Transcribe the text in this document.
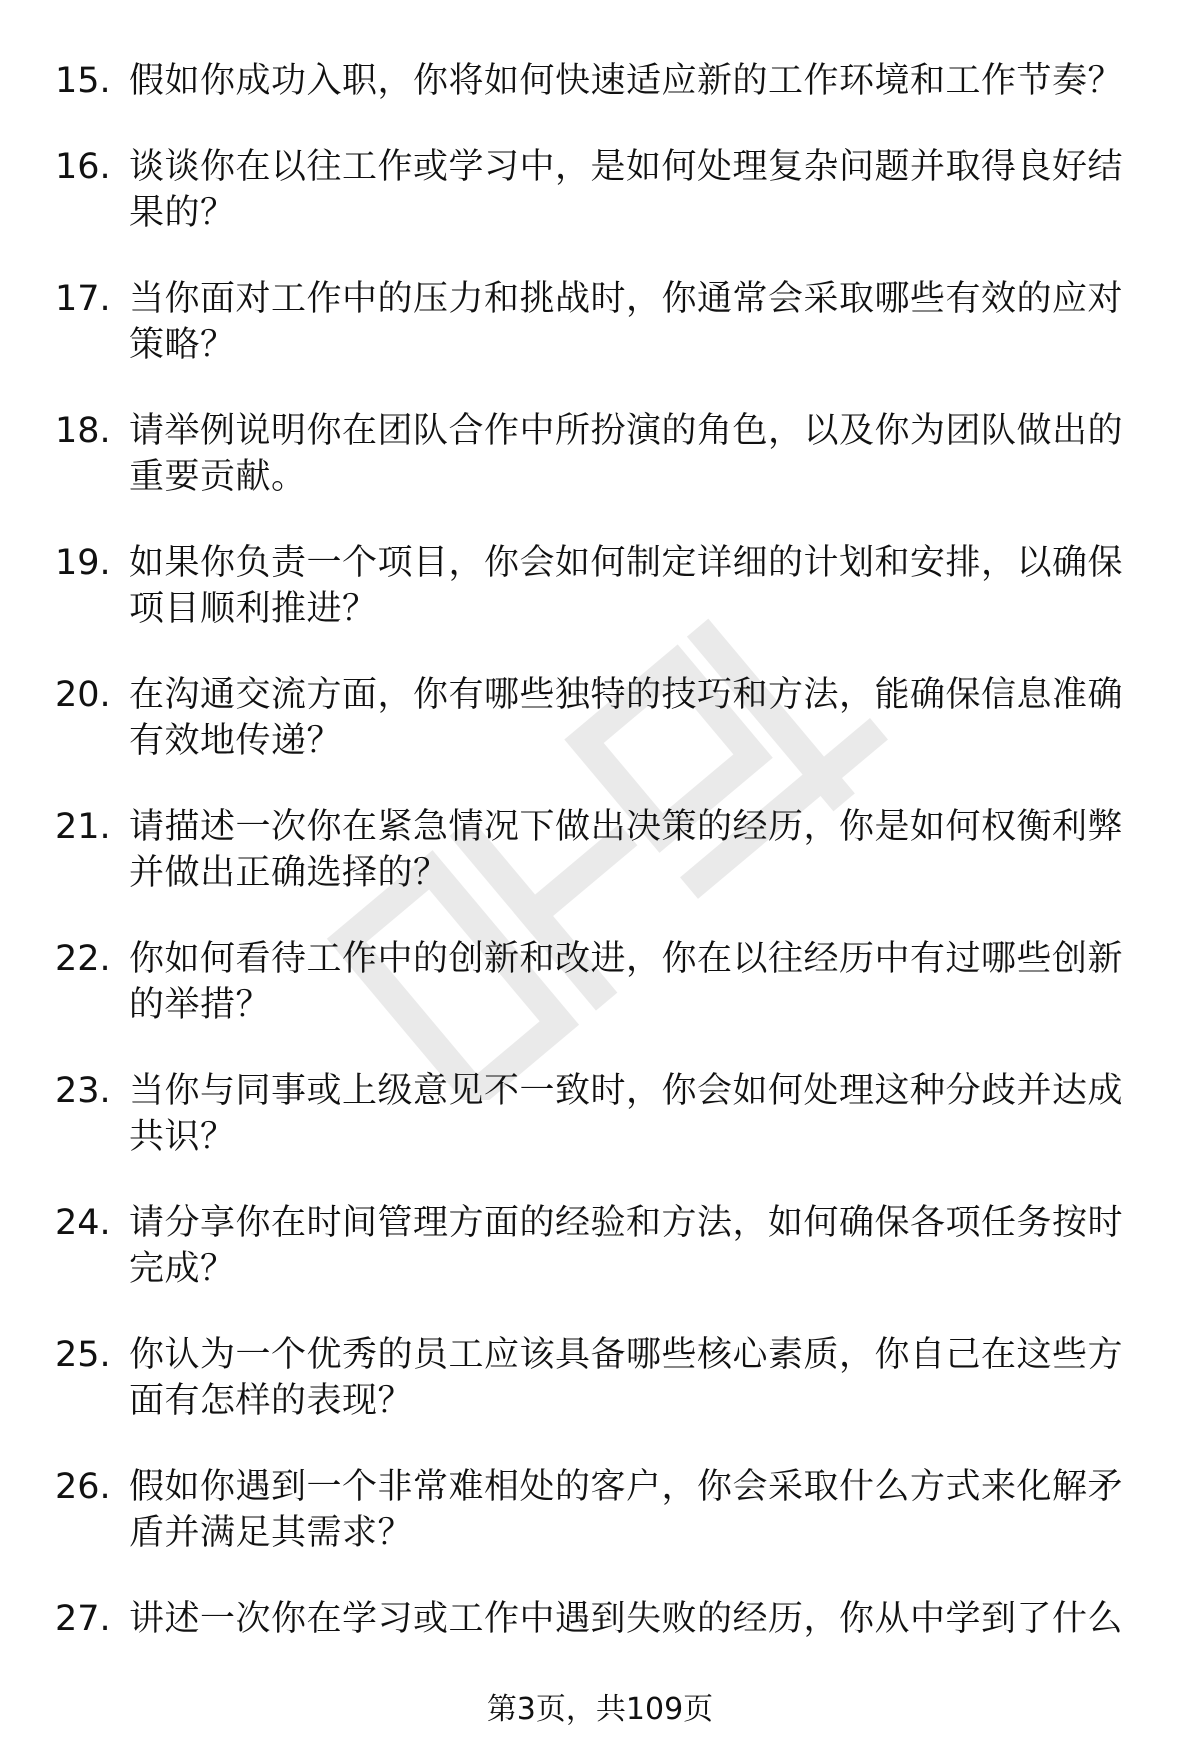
15. 假如你成功入职，你将如何快速适应新的工作环境和工作节奏？
16. 谈谈你在以往工作或学习中，是如何处理复杂问题并取得良好结果的？
17. 当你面对工作中的压力和挑战时，你通常会采取哪些有效的应对策略？
18. 请举例说明你在团队合作中所扮演的角色，以及你为团队做出的重要贡献。
19. 如果你负责一个项目，你会如何制定详细的计划和安排，以确保项目顺利推进？
20. 在沟通交流方面，你有哪些独特的技巧和方法，能确保信息准确有效地传递？
21. 请描述一次你在紧急情况下做出决策的经历，你是如何权衡利弊并做出正确选择的？
22. 你如何看待工作中的创新和改进，你在以往经历中有过哪些创新的举措？
23. 当你与同事或上级意见不一致时，你会如何处理这种分歧并达成共识？
24. 请分享你在时间管理方面的经验和方法，如何确保各项任务按时完成？
25. 你认为一个优秀的员工应该具备哪些核心素质，你自己在这些方面有怎样的表现？
26. 假如你遇到一个非常难相处的客户，你会采取什么方式来化解矛盾并满足其需求？
27. 讲述一次你在学习或工作中遇到失败的经历，你从中学到了什么
第3页，共109页
